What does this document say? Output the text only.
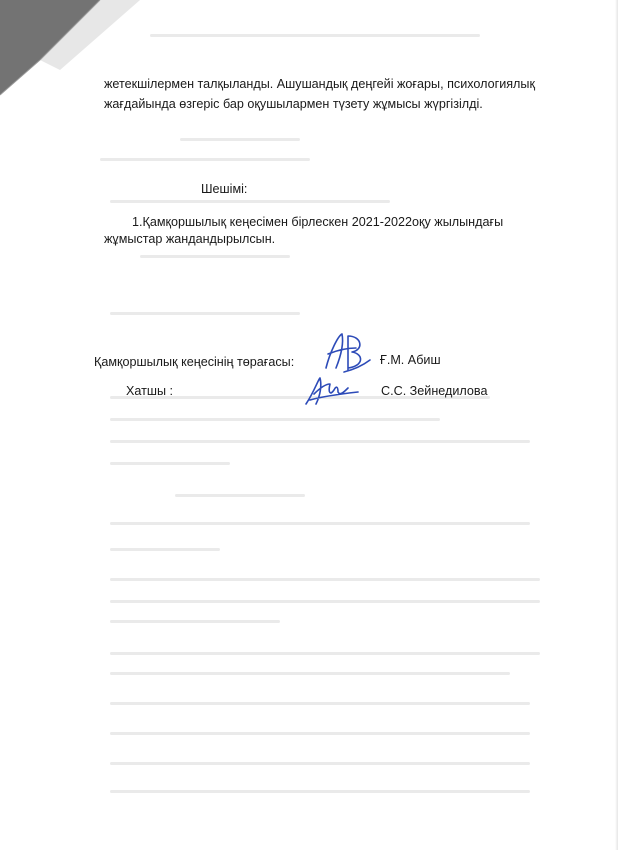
жетекшілермен талқыланды. Ашушандық деңгейі жоғары, психологиялық
жағдайында өзгеріс бар оқушылармен түзету жұмысы жүргізілді.
Шешімі:
1.Қамқоршылық кеңесімен бірлескен 2021-2022оқу жылындағы
жұмыстар жандандырылсын.
Қамқоршылық кеңесінің төрағасы:	Ғ.М. Абиш
Хатшы :	С.С. Зейнедилова
